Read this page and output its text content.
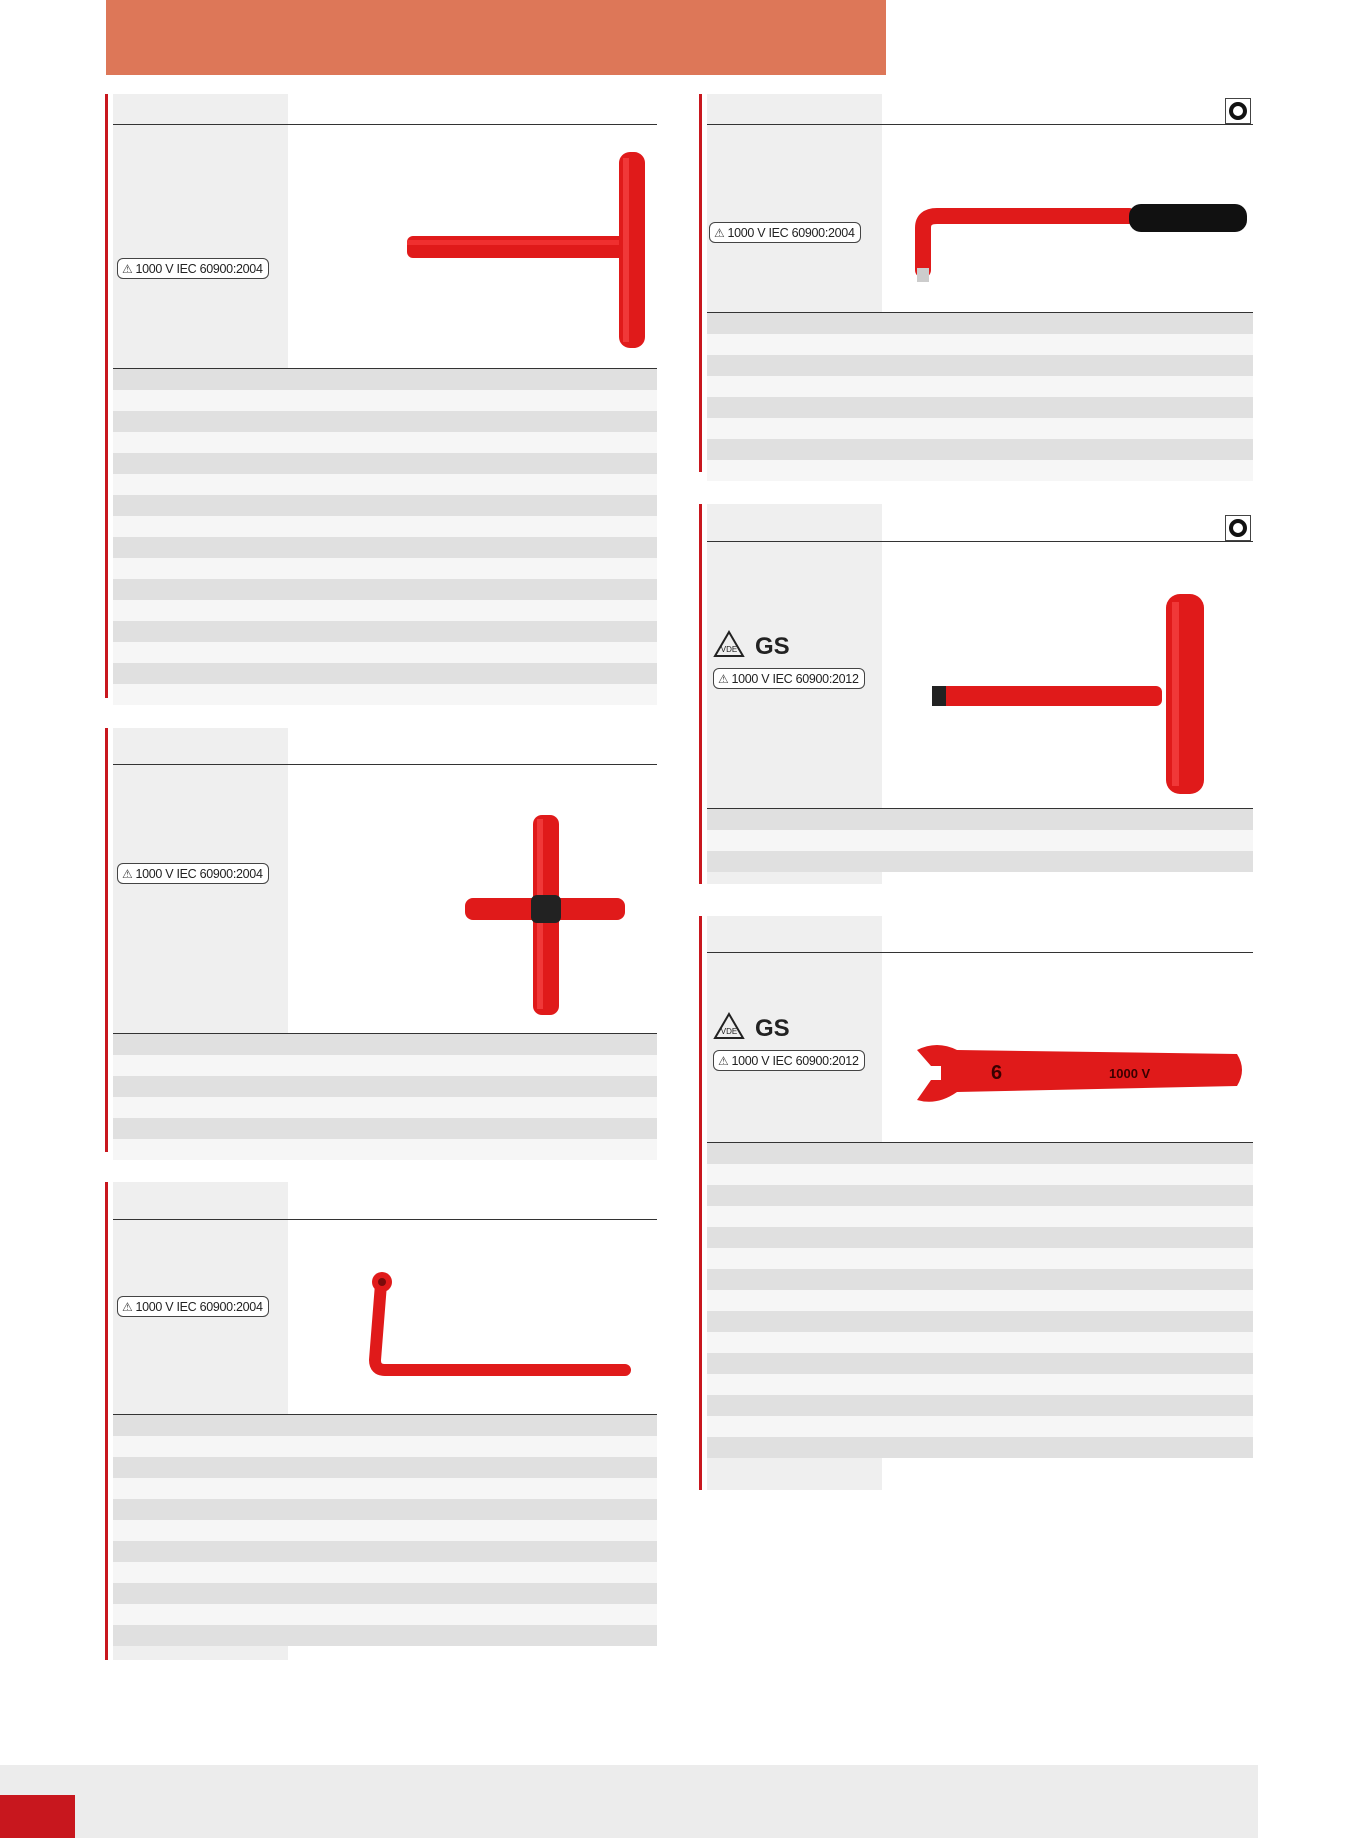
⚠ 1000 V IEC 60900:2004
⚠ 1000 V IEC 60900:2004
⚠ 1000 V IEC 60900:2004
⚠ 1000 V IEC 60900:2004
VDE GS
⚠ 1000 V IEC 60900:2012
VDE GS
⚠ 1000 V IEC 60900:2012
6	1000 V
